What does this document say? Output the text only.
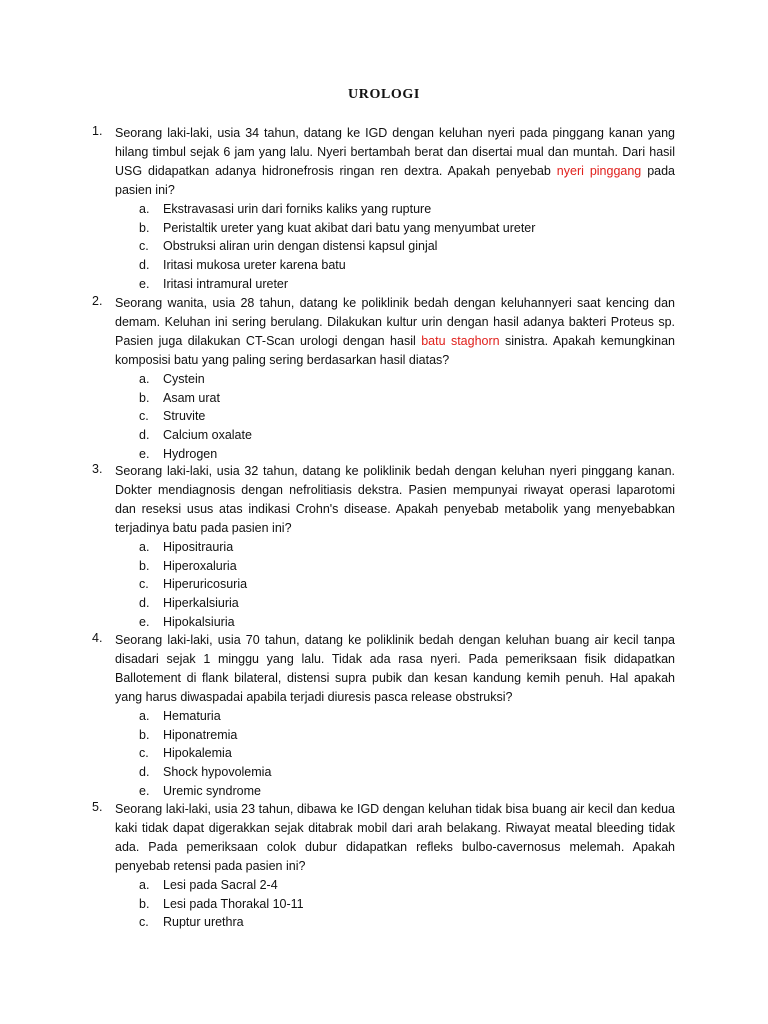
UROLOGI
1. Seorang laki-laki, usia 34 tahun, datang ke IGD dengan keluhan nyeri pada pinggang kanan yang hilang timbul sejak 6 jam yang lalu. Nyeri bertambah berat dan disertai mual dan muntah. Dari hasil USG didapatkan adanya hidronefrosis ringan ren dextra. Apakah penyebab nyeri pinggang pada pasien ini?
a. Ekstravasasi urin dari forniks kaliks yang rupture
b. Peristaltik ureter yang kuat akibat dari batu yang menyumbat ureter
c. Obstruksi aliran urin dengan distensi kapsul ginjal
d. Iritasi mukosa ureter karena batu
e. Iritasi intramural ureter
2. Seorang wanita, usia 28 tahun, datang ke poliklinik bedah dengan keluhannyeri saat kencing dan demam. Keluhan ini sering berulang. Dilakukan kultur urin dengan hasil adanya bakteri Proteus sp. Pasien juga dilakukan CT-Scan urologi dengan hasil batu staghorn sinistra. Apakah kemungkinan komposisi batu yang paling sering berdasarkan hasil diatas?
a. Cystein
b. Asam urat
c. Struvite
d. Calcium oxalate
e. Hydrogen
3. Seorang laki-laki, usia 32 tahun, datang ke poliklinik bedah dengan keluhan nyeri pinggang kanan. Dokter mendiagnosis dengan nefrolitiasis dekstra. Pasien mempunyai riwayat operasi laparotomi dan reseksi usus atas indikasi Crohn's disease. Apakah penyebab metabolik yang menyebabkan terjadinya batu pada pasien ini?
a. Hipositrauria
b. Hiperoxaluria
c. Hiperuricosuria
d. Hiperkalsiuria
e. Hipokalsiuria
4. Seorang laki-laki, usia 70 tahun, datang ke poliklinik bedah dengan keluhan buang air kecil tanpa disadari sejak 1 minggu yang lalu. Tidak ada rasa nyeri. Pada pemeriksaan fisik didapatkan Ballotement di flank bilateral, distensi supra pubik dan kesan kandung kemih penuh. Hal apakah yang harus diwaspadai apabila terjadi diuresis pasca release obstruksi?
a. Hematuria
b. Hiponatremia
c. Hipokalemia
d. Shock hypovolemia
e. Uremic syndrome
5. Seorang laki-laki, usia 23 tahun, dibawa ke IGD dengan keluhan tidak bisa buang air kecil dan kedua kaki tidak dapat digerakkan sejak ditabrak mobil dari arah belakang. Riwayat meatal bleeding tidak ada. Pada pemeriksaan colok dubur didapatkan refleks bulbo-cavernosus melemah. Apakah penyebab retensi pada pasien ini?
a. Lesi pada Sacral 2-4
b. Lesi pada Thorakal 10-11
c. Ruptur urethra
